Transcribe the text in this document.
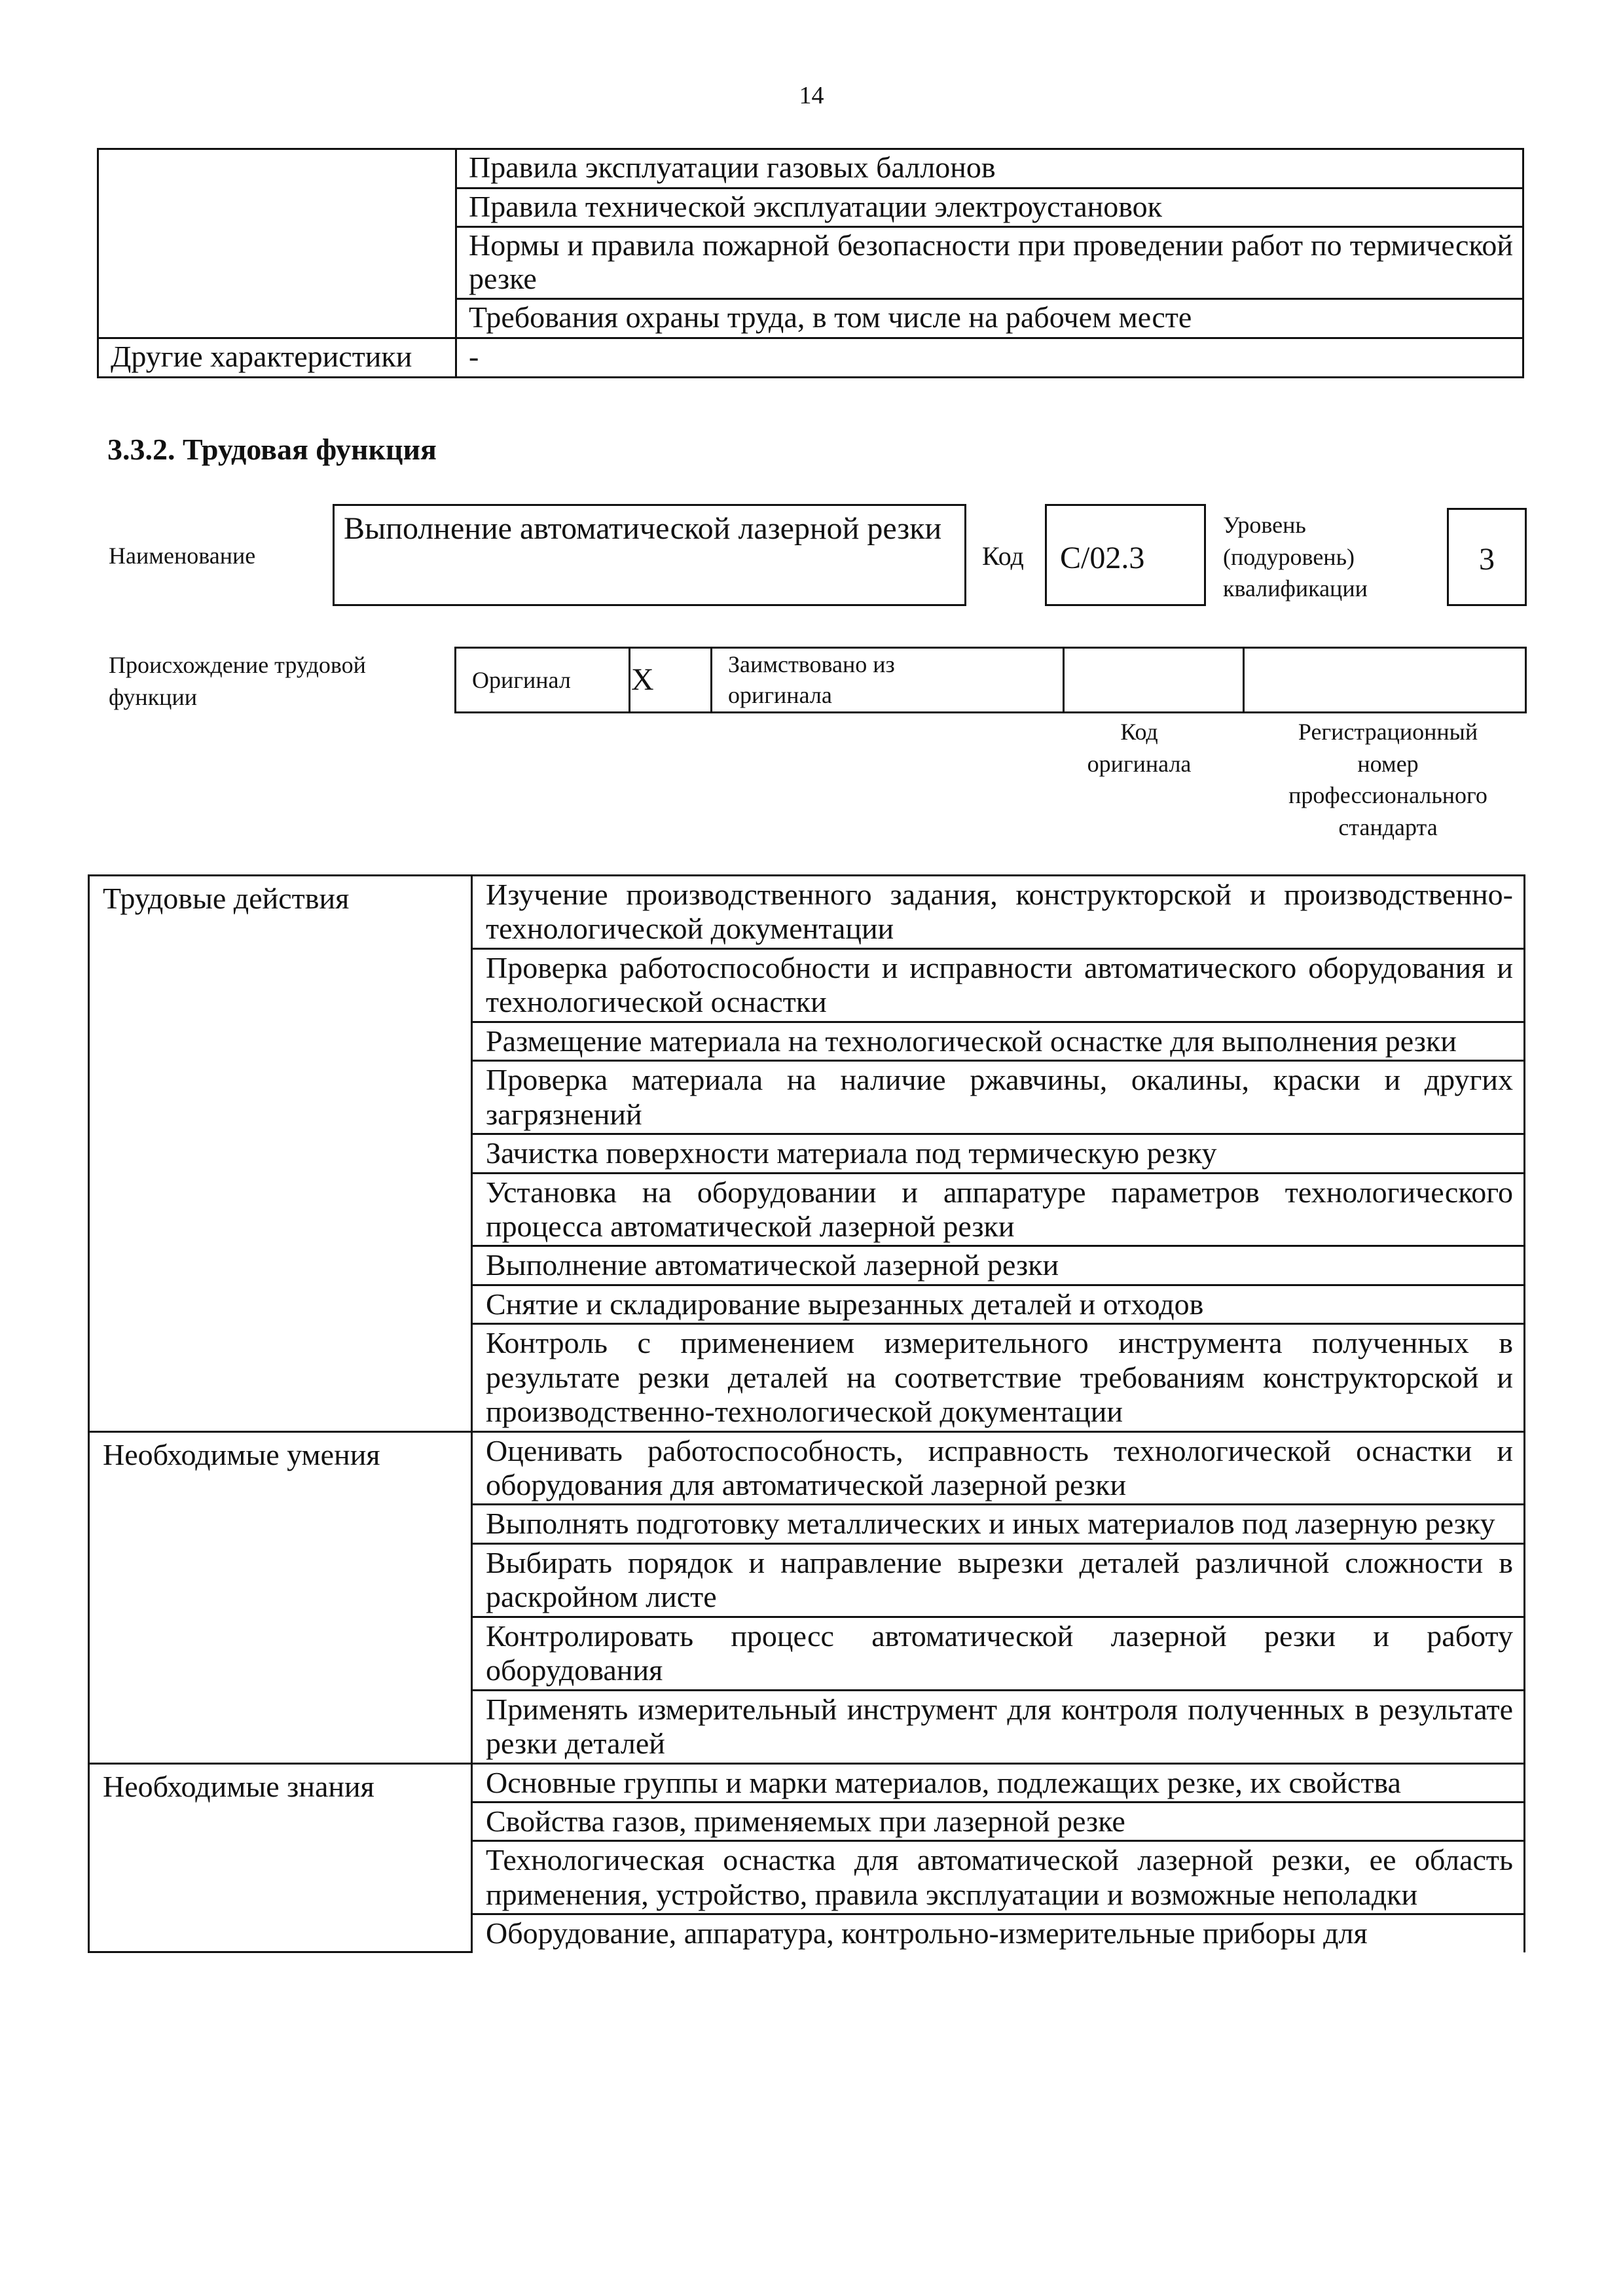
14
	Правила эксплуатации газовых баллонов
	Правила технической эксплуатации электроустановок
	Нормы и правила пожарной безопасности при проведении работ по термической резке
	Требования охраны труда, в том числе на рабочем месте
Другие характеристики	-
3.3.2. Трудовая функция
Наименование
Выполнение автоматической лазерной резки
Код	С/02.3
Уровень
(подуровень)
квалификации
3
Происхождение трудовой
функции
Оригинал	X	Заимствовано из
оригинала		
Код
оригинала
Регистрационный
номер
профессионального
стандарта
Трудовые действия	Изучение производственного задания, конструкторской и производственно-технологической документации
	Проверка работоспособности и исправности автоматического оборудования и технологической оснастки
	Размещение материала на технологической оснастке для выполнения резки
	Проверка материала на наличие ржавчины, окалины, краски и других загрязнений
	Зачистка поверхности материала под термическую резку
	Установка на оборудовании и аппаратуре параметров технологического процесса автоматической лазерной резки
	Выполнение автоматической лазерной резки
	Снятие и складирование вырезанных деталей и отходов
	Контроль с применением измерительного инструмента полученных в результате резки деталей на соответствие требованиям конструкторской и производственно-технологической документации
Необходимые умения	Оценивать работоспособность, исправность технологической оснастки и оборудования для автоматической лазерной резки
	Выполнять подготовку металлических и иных материалов под лазерную резку
	Выбирать порядок и направление вырезки деталей различной сложности в раскройном листе
	Контролировать процесс автоматической лазерной резки и работу оборудования
	Применять измерительный инструмент для контроля полученных в результате резки деталей
Необходимые знания	Основные группы и марки материалов, подлежащих резке, их свойства
	Свойства газов, применяемых при лазерной резке
	Технологическая оснастка для автоматической лазерной резки, ее область применения, устройство, правила эксплуатации и возможные неполадки
	Оборудование, аппаратура, контрольно-измерительные приборы для
